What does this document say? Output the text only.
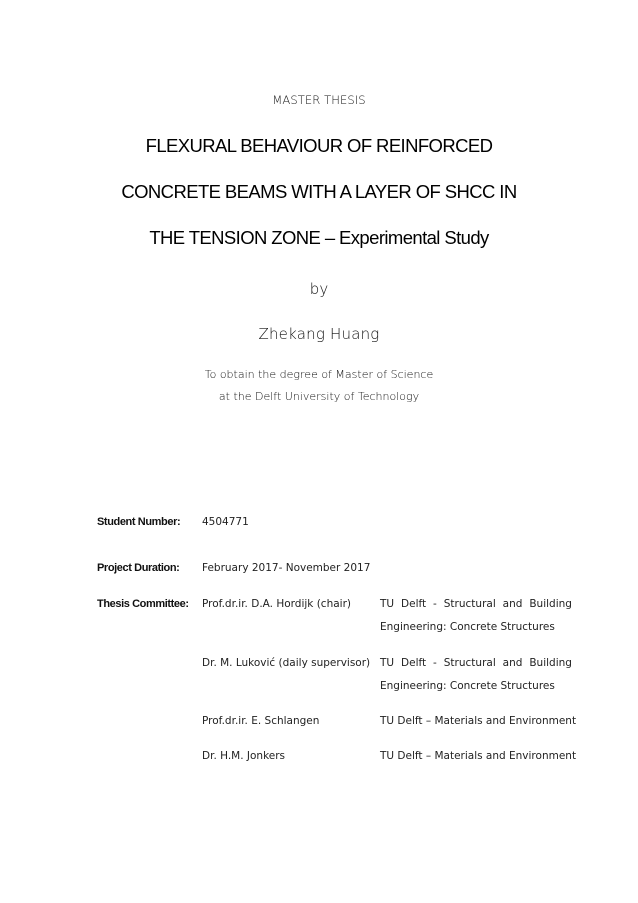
MASTER THESIS
FLEXURAL BEHAVIOUR OF REINFORCED
CONCRETE BEAMS WITH A LAYER OF SHCC IN
THE TENSION ZONE – Experimental Study
by
Zhekang Huang
To obtain the degree of Master of Science
at the Delft University of Technology
Student Number: 4504771
Project Duration: February 2017- November 2017
Thesis Committee: Prof.dr.ir. D.A. Hordijk (chair)	TU Delft - Structural and Building
Engineering: Concrete Structures
Dr. M. Luković (daily supervisor) TU Delft - Structural and Building
Engineering: Concrete Structures
Prof.dr.ir. E. Schlangen	TU Delft – Materials and Environment
Dr. H.M. Jonkers	TU Delft – Materials and Environment
